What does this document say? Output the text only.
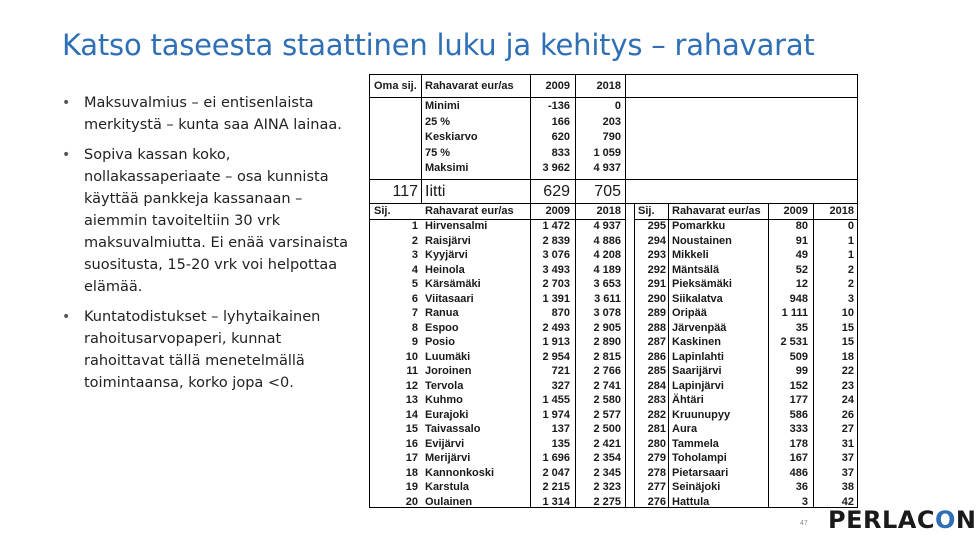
Katso taseesta staattinen luku ja kehitys – rahavarat
• Maksuvalmius – ei entisenlaista merkitystä – kunta saa AINA lainaa.
• Sopiva kassan koko, nollakassaperiaate – osa kunnista käyttää pankkeja kassanaan – aiemmin tavoiteltiin 30 vrk maksuvalmiutta. Ei enää varsinaista suositusta, 15-20 vrk voi helpottaa elämää.
• Kuntatodistukset – lyhytaikainen rahoitusarvopaperi, kunnat rahoittavat tällä menetelmällä toimintaansa, korko jopa <0.
Oma sij. Rahavarat eur/as	2009	2018
Minimi	-136	0
25 %	166	203
Keskiarvo	620	790
75 %	833	1 059
Maksimi	3 962	4 937
117 Iitti	629	705
Sij.	Rahavarat eur/as	2009	2018 Sij.	Rahavarat eur/as	2009	2018
1 Hirvensalmi	1 472	4 937	295 Pomarkku	80	0
2 Raisjärvi	2 839	4 886	294 Noustainen	91	1
3 Kyyjärvi	3 076	4 208	293 Mikkeli	49	1
4 Heinola	3 493	4 189	292 Mäntsälä	52	2
5 Kärsämäki	2 703	3 653	291 Pieksämäki	12	2
6 Viitasaari	1 391	3 611	290 Siikalatva	948	3
7 Ranua	870	3 078	289 Oripää	1 111	10
8 Espoo	2 493	2 905	288 Järvenpää	35	15
9 Posio	1 913	2 890	287 Kaskinen	2 531	15
10 Luumäki	2 954	2 815	286 Lapinlahti	509	18
11 Joroinen	721	2 766	285 Saarijärvi	99	22
12 Tervola	327	2 741	284 Lapinjärvi	152	23
13 Kuhmo	1 455	2 580	283 Ähtäri	177	24
14 Eurajoki	1 974	2 577	282 Kruunupyy	586	26
15 Taivassalo	137	2 500	281 Aura	333	27
16 Evijärvi	135	2 421	280 Tammela	178	31
17 Merijärvi	1 696	2 354	279 Toholampi	167	37
18 Kannonkoski	2 047	2 345	278 Pietarsaari	486	37
19 Karstula	2 215	2 323	277 Seinäjoki	36	38
20 Oulainen	1 314	2 275	276 Hattula	3	42
47 PERLACON
